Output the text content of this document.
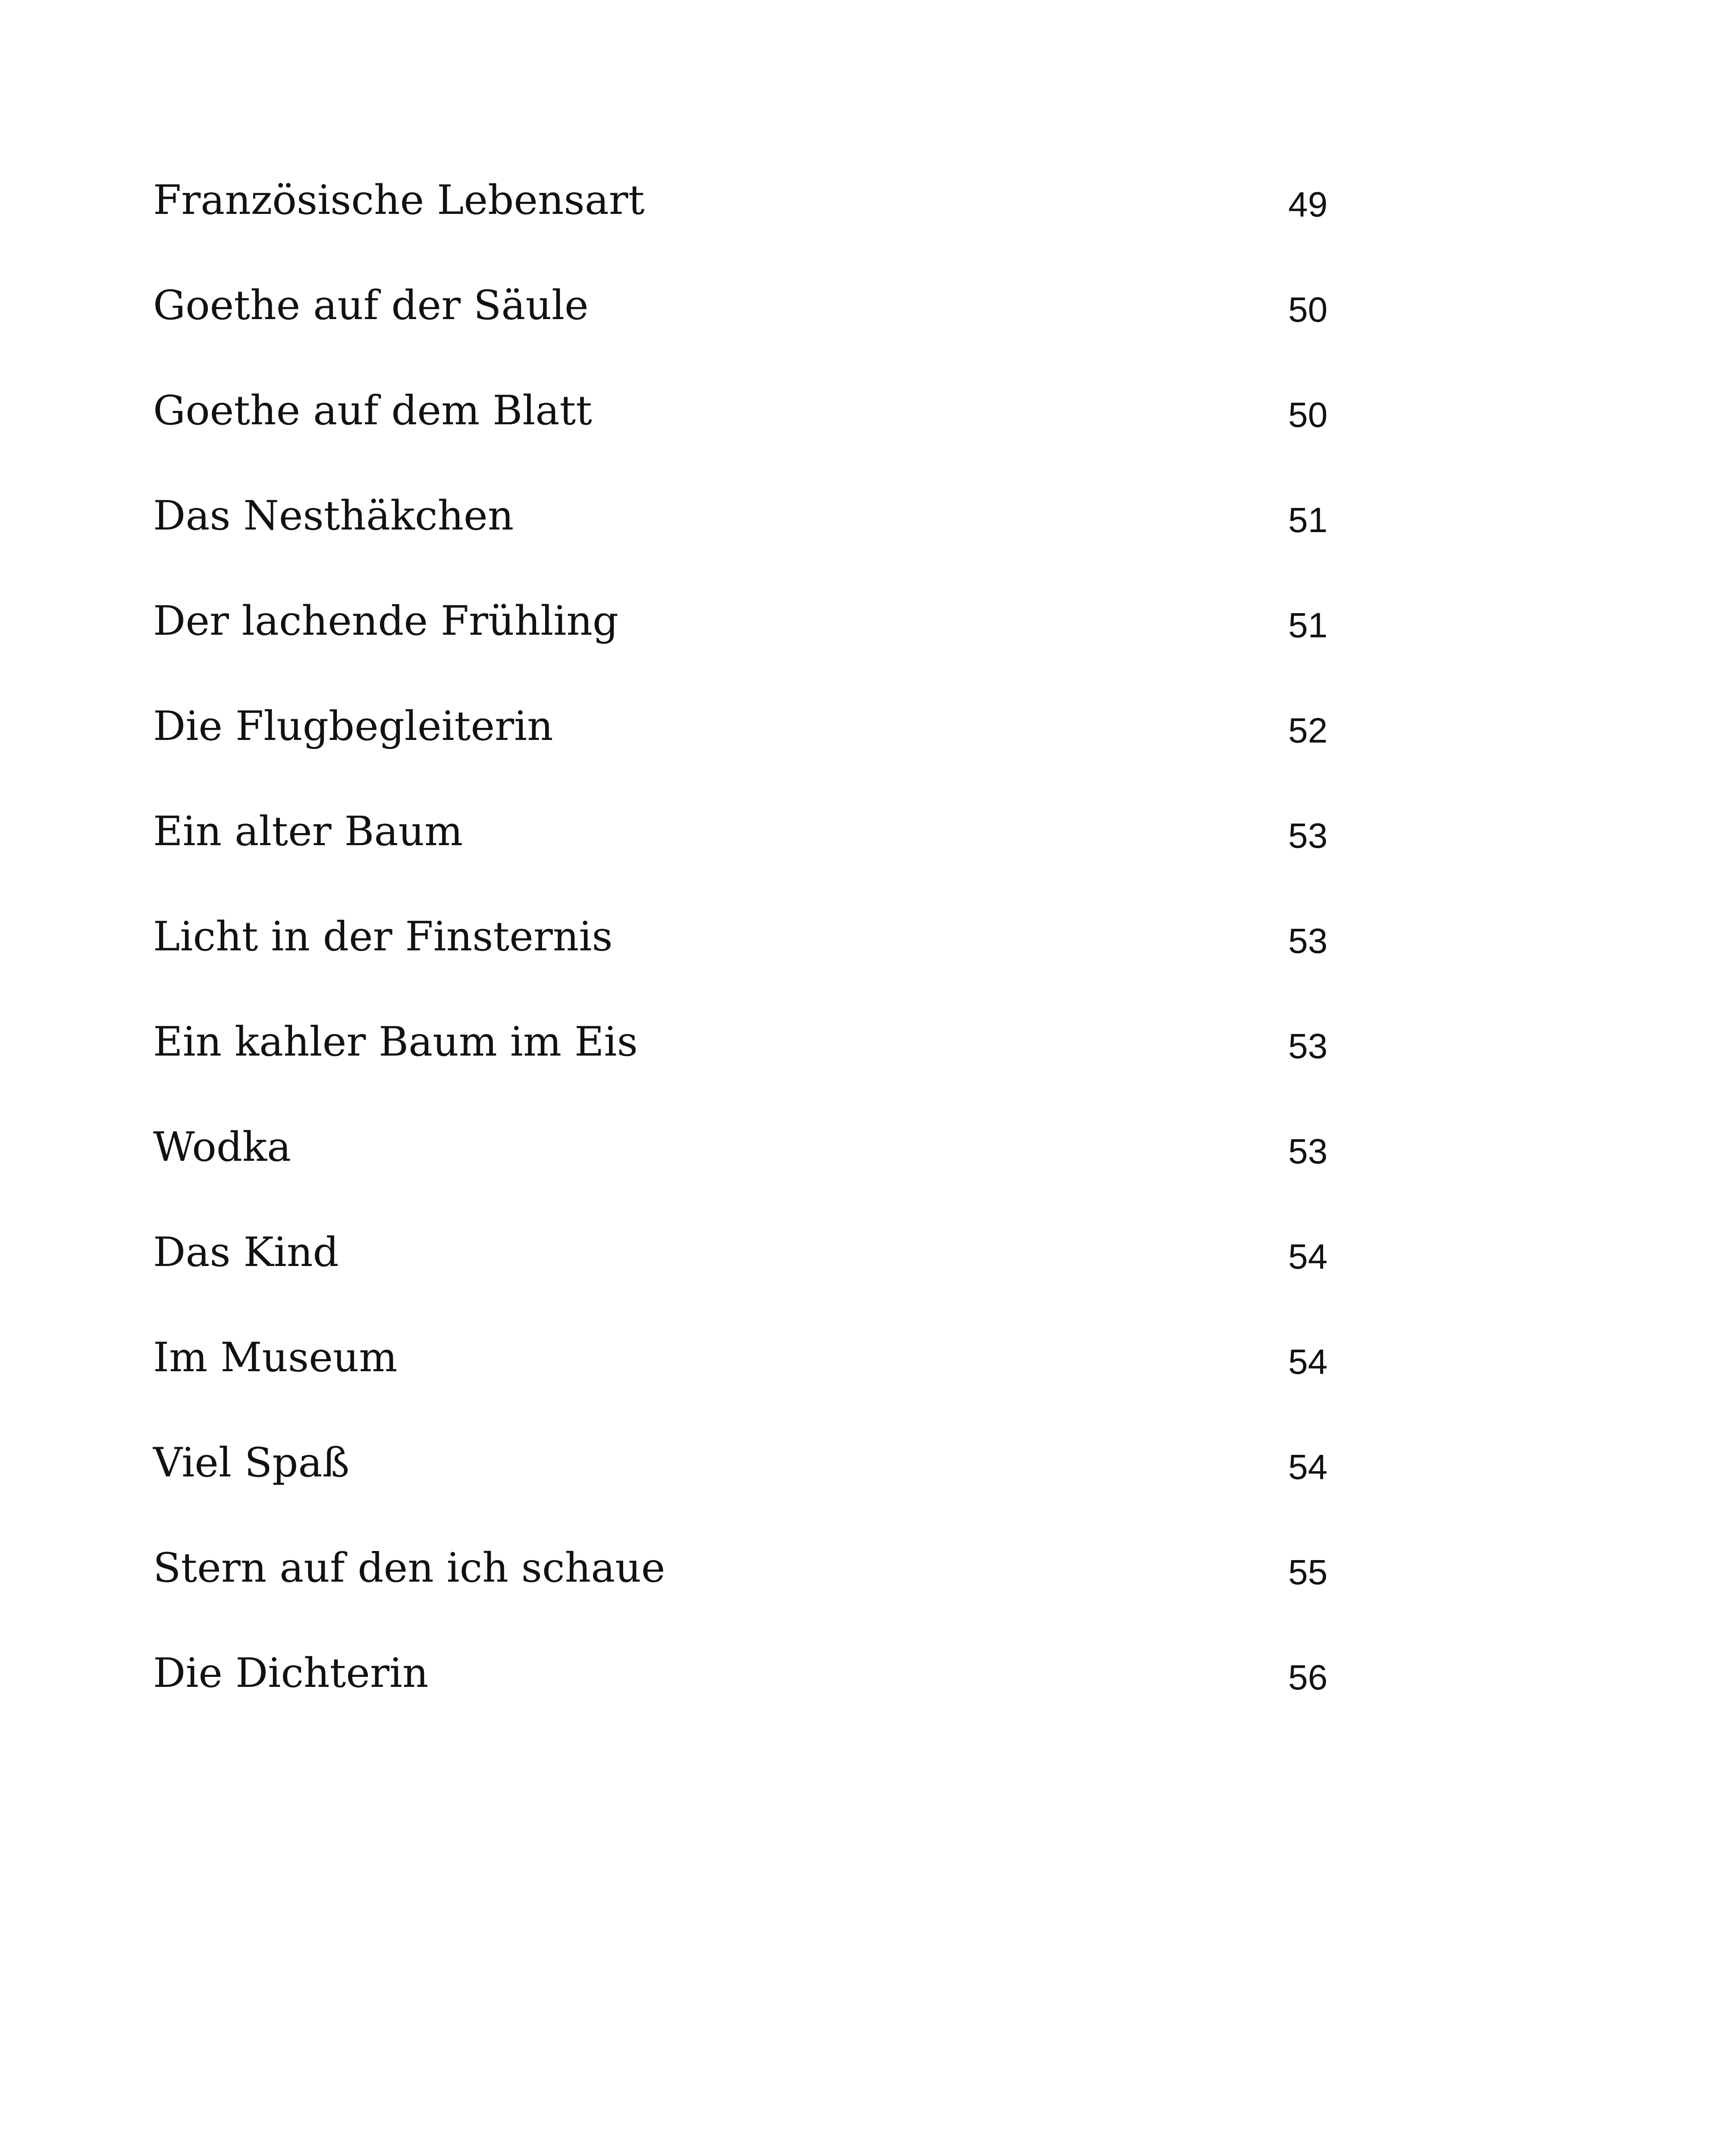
Französische Lebensart	49
Goethe auf der Säule	50
Goethe auf dem Blatt	50
Das Nesthäkchen	51
Der lachende Frühling	51
Die Flugbegleiterin	52
Ein alter Baum	53
Licht in der Finsternis	53
Ein kahler Baum im Eis	53
Wodka	53
Das Kind	54
Im Museum	54
Viel Spaß	54
Stern auf den ich schaue	55
Die Dichterin	56
